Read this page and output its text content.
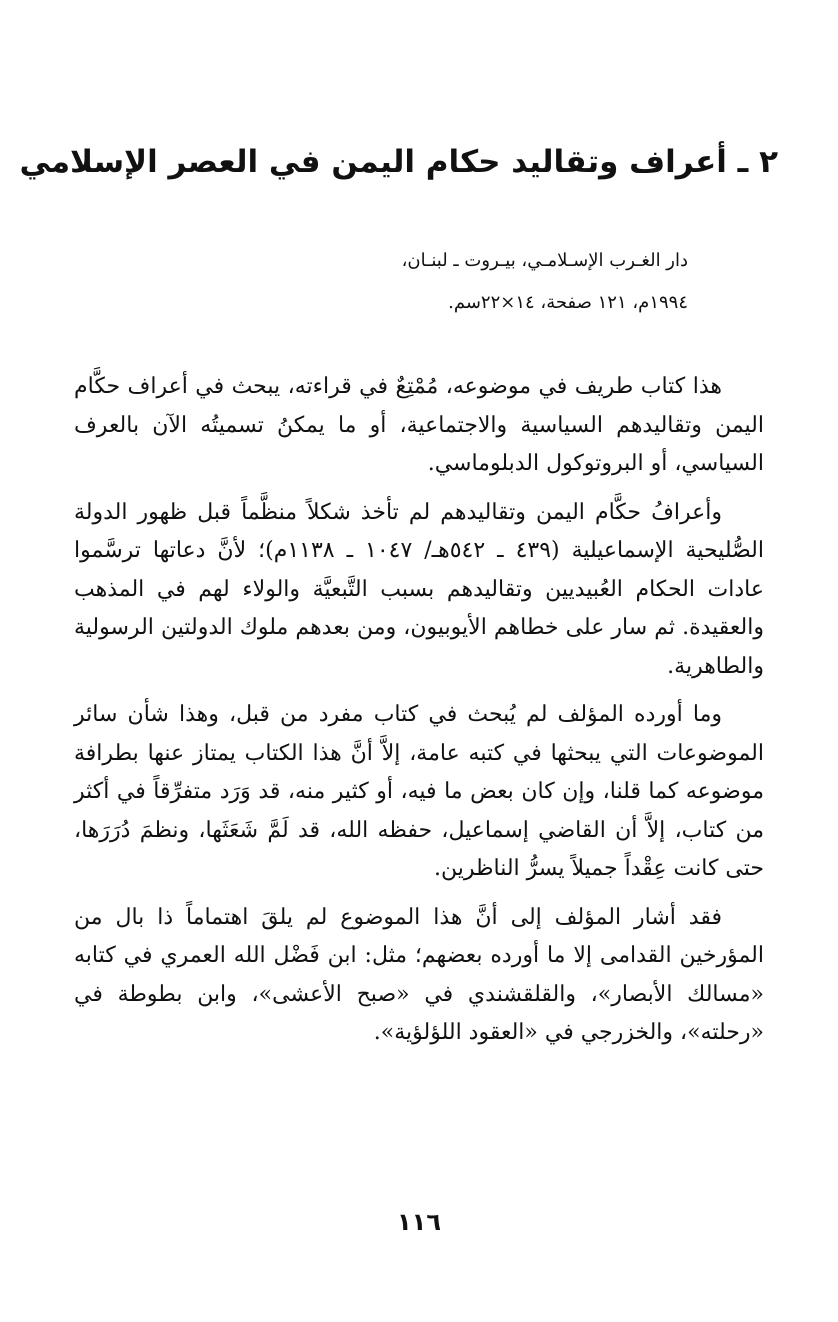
٢ ـ أعراف وتقاليد حكام اليمن في العصر الإسلامي
دار الغـرب الإسـلامـي، بيـروت ـ لبنـان،
١٩٩٤م، ١٢١ صفحة، ١٤×٢٢سم.

هذا كتاب طريف في موضوعه، مُمْتِعٌ في قراءته، يبحث في أعراف حكَّام اليمن وتقاليدهم السياسية والاجتماعية، أو ما يمكنُ تسميتُه الآن بالعرف السياسي، أو البروتوكول الدبلوماسي.

وأعرافُ حكَّام اليمن وتقاليدهم لم تأخذ شكلاً منظَّماً قبل ظهور الدولة الصُّليحية الإسماعيلية (٤٣٩ ـ ٥٤٢هـ/ ١٠٤٧ ـ ١١٣٨م)؛ لأنَّ دعاتها ترسَّموا عادات الحكام العُبيديين وتقاليدهم بسبب التَّبعيَّة والولاء لهم في المذهب والعقيدة. ثم سار على خطاهم الأيوبيون، ومن بعدهم ملوك الدولتين الرسولية والطاهرية.

وما أورده المؤلف لم يُبحث في كتاب مفرد من قبل، وهذا شأن سائر الموضوعات التي يبحثها في كتبه عامة، إلاَّ أنَّ هذا الكتاب يمتاز عنها بطرافة موضوعه كما قلنا، وإن كان بعض ما فيه، أو كثير منه، قد وَرَد متفرِّقاً في أكثر من كتاب، إلاَّ أن القاضي إسماعيل، حفظه الله، قد لَمَّ شَعَثَها، ونظمَ دُرَرَها، حتى كانت عِقْداً جميلاً يسرُّ الناظرين.

فقد أشار المؤلف إلى أنَّ هذا الموضوع لم يلقَ اهتماماً ذا بال من المؤرخين القدامى إلا ما أورده بعضهم؛ مثل: ابن فَضْل الله العمري في كتابه «مسالك الأبصار»، والقلقشندي في «صبح الأعشى»، وابن بطوطة في «رحلته»، والخزرجي في «العقود اللؤلؤية».

١١٦
